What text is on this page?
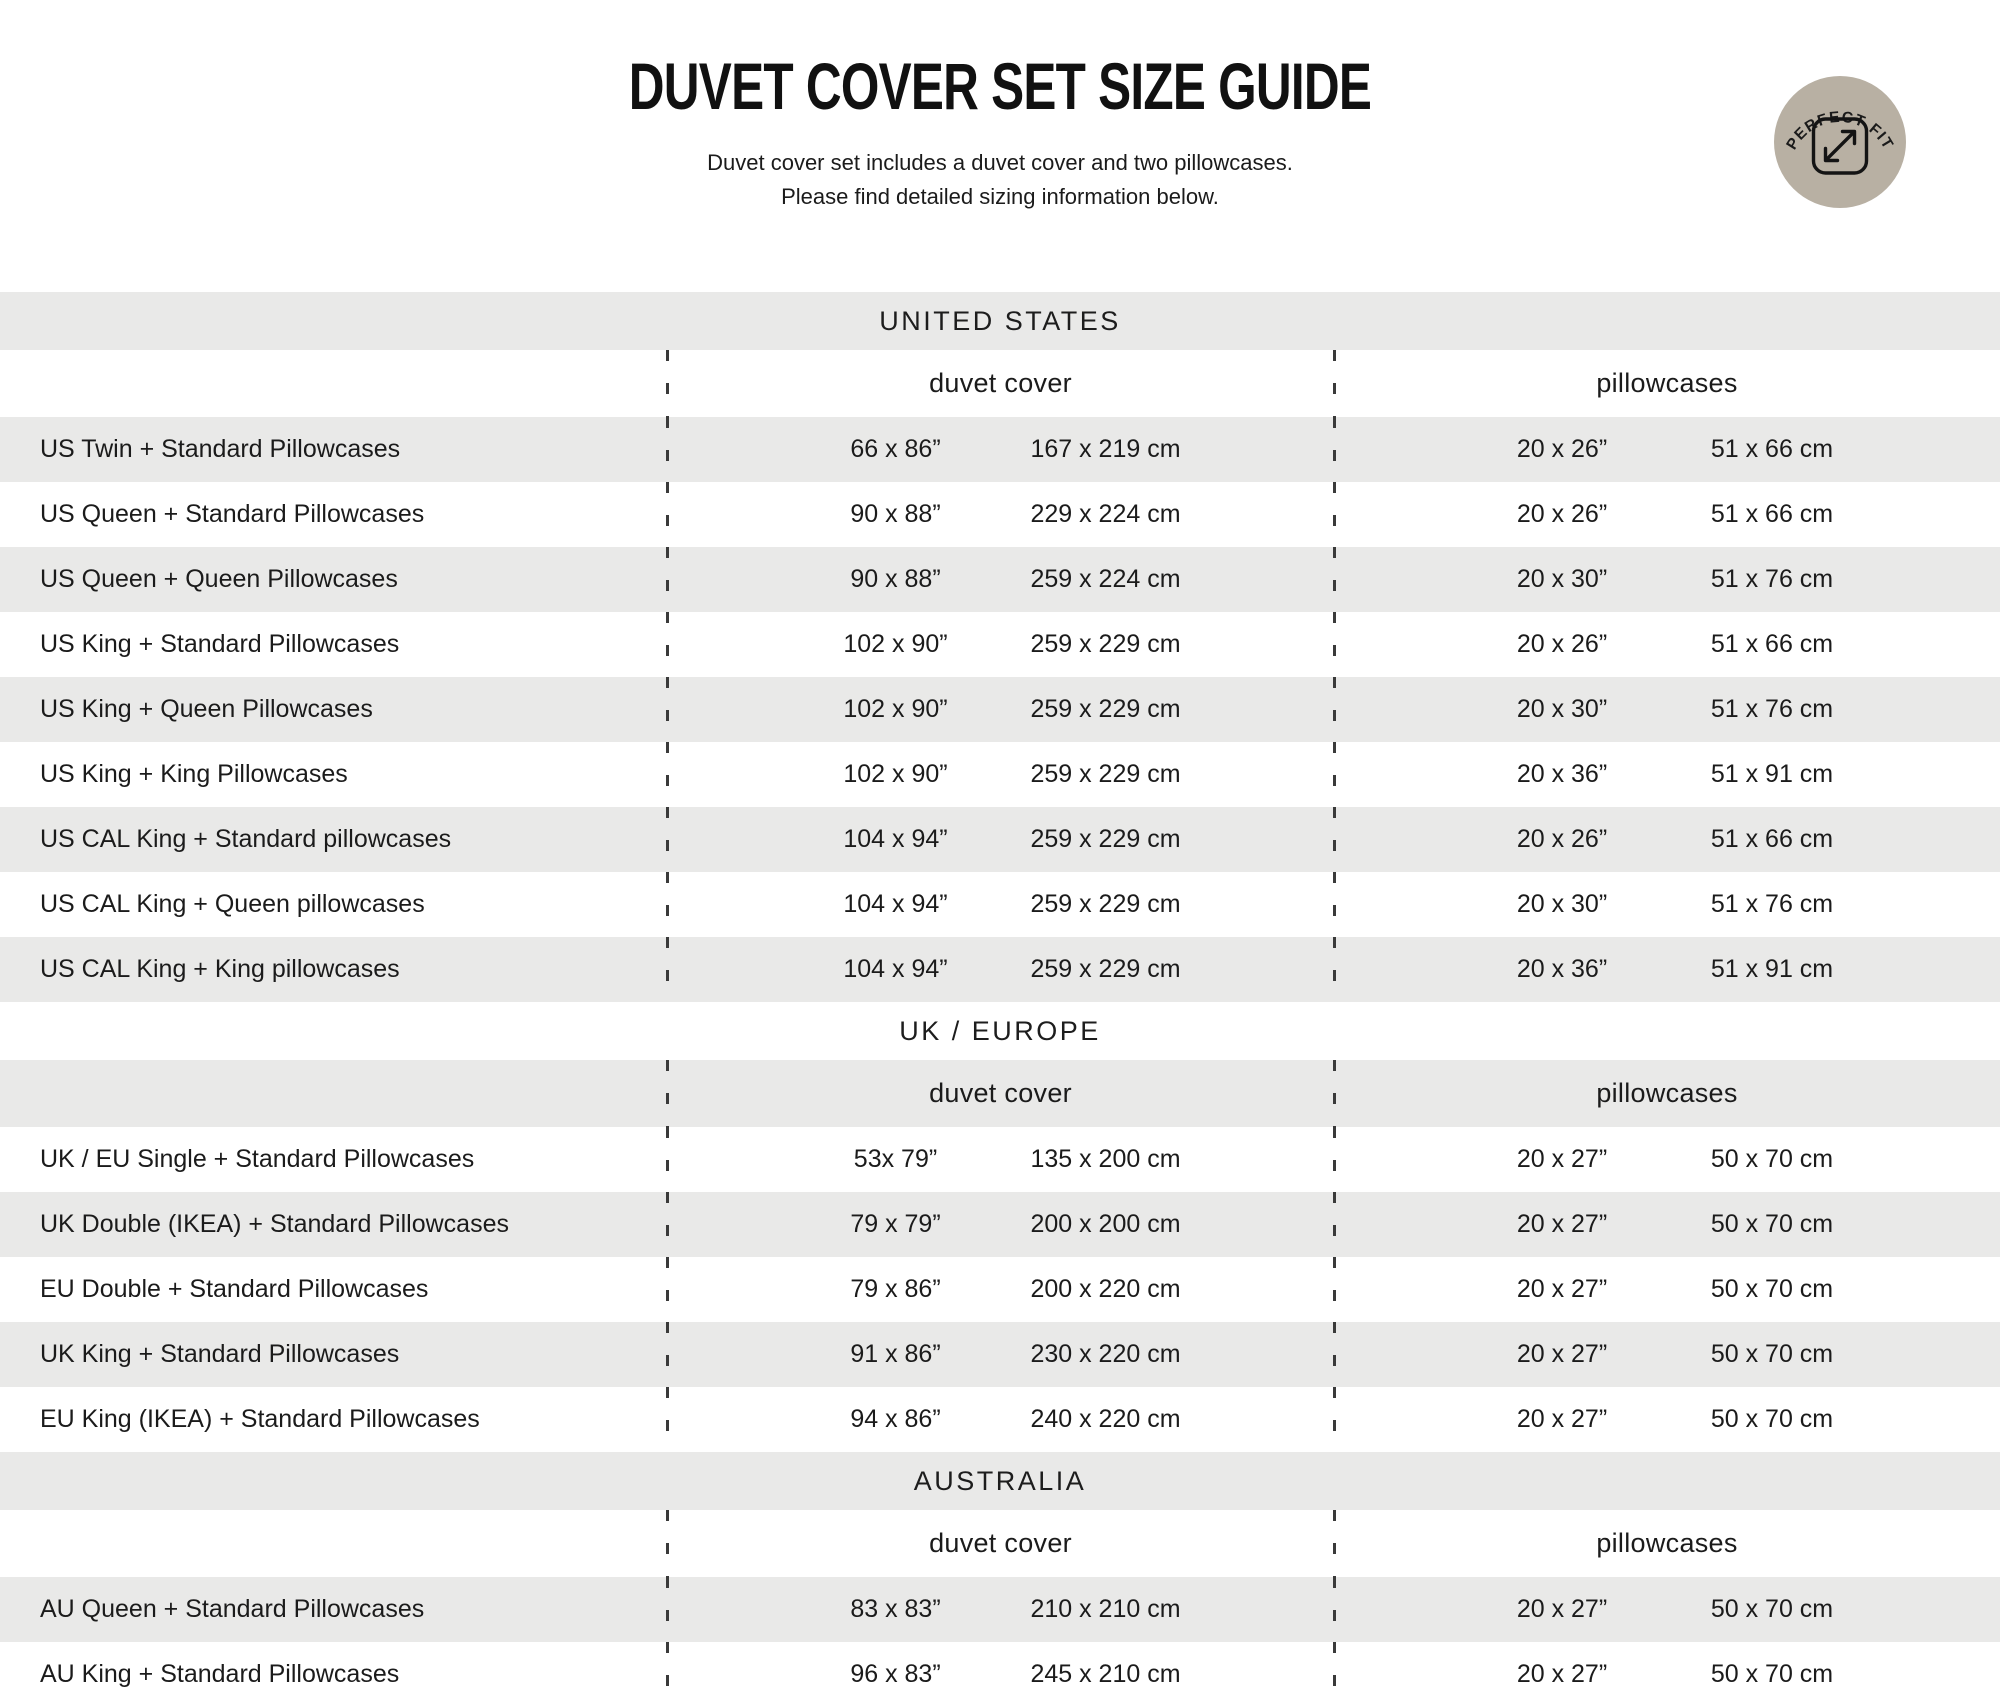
DUVET COVER SET SIZE GUIDE

Duvet cover set includes a duvet cover and two pillowcases.
Please find detailed sizing information below.

PERFECT FIT
UNITED STATES
duvet cover	pillowcases
US Twin + Standard Pillowcases	66 x 86”	167 x 219 cm	20 x 26”	51 x 66 cm
US Queen + Standard Pillowcases	90 x 88”	229 x 224 cm	20 x 26”	51 x 66 cm
US Queen + Queen Pillowcases	90 x 88”	259 x 224 cm	20 x 30”	51 x 76 cm
US King + Standard Pillowcases	102 x 90”	259 x 229 cm	20 x 26”	51 x 66 cm
US King + Queen Pillowcases	102 x 90”	259 x 229 cm	20 x 30”	51 x 76 cm
US King + King Pillowcases	102 x 90”	259 x 229 cm	20 x 36”	51 x 91 cm
US CAL King + Standard pillowcases	104 x 94”	259 x 229 cm	20 x 26”	51 x 66 cm
US CAL King + Queen pillowcases	104 x 94”	259 x 229 cm	20 x 30”	51 x 76 cm
US CAL King + King pillowcases	104 x 94”	259 x 229 cm	20 x 36”	51 x 91 cm
UK / EUROPE
duvet cover	pillowcases
UK / EU Single + Standard Pillowcases	53x 79”	135 x 200 cm	20 x 27”	50 x 70 cm
UK Double (IKEA) + Standard Pillowcases	79 x 79”	200 x 200 cm	20 x 27”	50 x 70 cm
EU Double + Standard Pillowcases	79 x 86”	200 x 220 cm	20 x 27”	50 x 70 cm
UK King + Standard Pillowcases	91 x 86”	230 x 220 cm	20 x 27”	50 x 70 cm
EU King (IKEA) + Standard Pillowcases	94 x 86”	240 x 220 cm	20 x 27”	50 x 70 cm
AUSTRALIA
duvet cover	pillowcases
AU Queen + Standard Pillowcases	83 x 83”	210 x 210 cm	20 x 27”	50 x 70 cm
AU King + Standard Pillowcases	96 x 83”	245 x 210 cm	20 x 27”	50 x 70 cm
